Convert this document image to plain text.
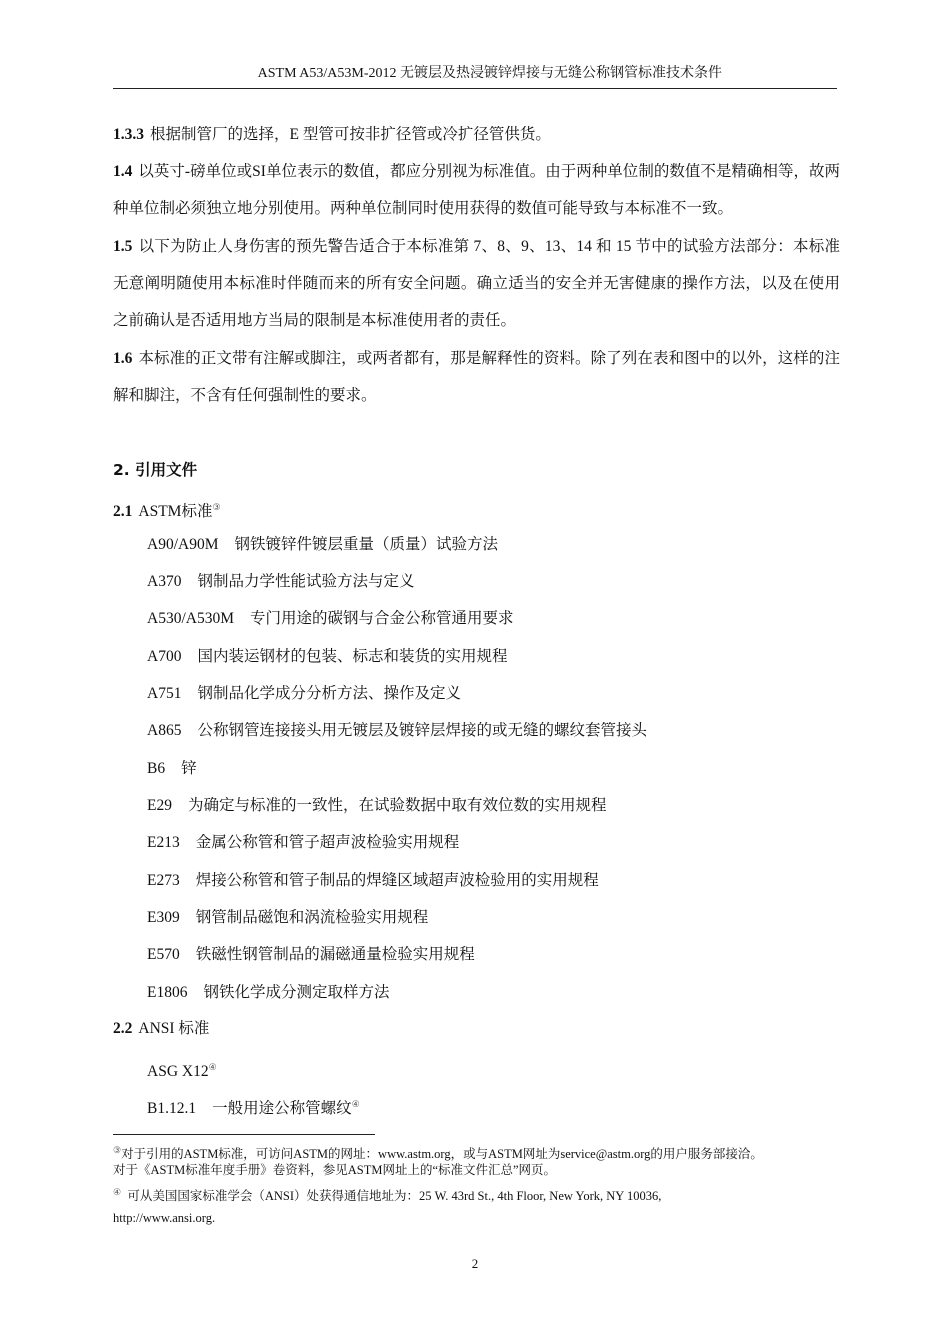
ASTM A53/A53M-2012 无镀层及热浸镀锌焊接与无缝公称钢管标准技术条件
1.3.3 根据制管厂的选择，E 型管可按非扩径管或冷扩径管供货。
1.4 以英寸-磅单位或SI单位表示的数值，都应分别视为标准值。由于两种单位制的数值不是精确相等，故两种单位制必须独立地分别使用。两种单位制同时使用获得的数值可能导致与本标准不一致。
1.5 以下为防止人身伤害的预先警告适合于本标准第 7、8、9、13、14 和 15 节中的试验方法部分：本标准无意阐明随使用本标准时伴随而来的所有安全问题。确立适当的安全并无害健康的操作方法，以及在使用之前确认是否适用地方当局的限制是本标准使用者的责任。
1.6 本标准的正文带有注解或脚注，或两者都有，那是解释性的资料。除了列在表和图中的以外，这样的注解和脚注，不含有任何强制性的要求。
2. 引用文件
2.1 ASTM标准③
A90/A90M 钢铁镀锌件镀层重量（质量）试验方法
A370 钢制品力学性能试验方法与定义
A530/A530M 专门用途的碳钢与合金公称管通用要求
A700 国内装运钢材的包装、标志和装货的实用规程
A751 钢制品化学成分分析方法、操作及定义
A865 公称钢管连接接头用无镀层及镀锌层焊接的或无缝的螺纹套管接头
B6 锌
E29 为确定与标准的一致性，在试验数据中取有效位数的实用规程
E213 金属公称管和管子超声波检验实用规程
E273 焊接公称管和管子制品的焊缝区域超声波检验用的实用规程
E309 钢管制品磁饱和涡流检验实用规程
E570 铁磁性钢管制品的漏磁通量检验实用规程
E1806 钢铁化学成分测定取样方法
2.2 ANSI 标准
ASG X12④
B1.12.1 一般用途公称管螺纹④
③对于引用的ASTM标准，可访问ASTM的网址：www.astm.org，或与ASTM网址为service@astm.org的用户服务部接洽。
对于《ASTM标准年度手册》卷资料，参见ASTM网址上的“标准文件汇总”网页。
④ 可从美国国家标准学会（ANSI）处获得通信地址为：25 W. 43rd St., 4th Floor, New York, NY 10036,
http://www.ansi.org.
2
